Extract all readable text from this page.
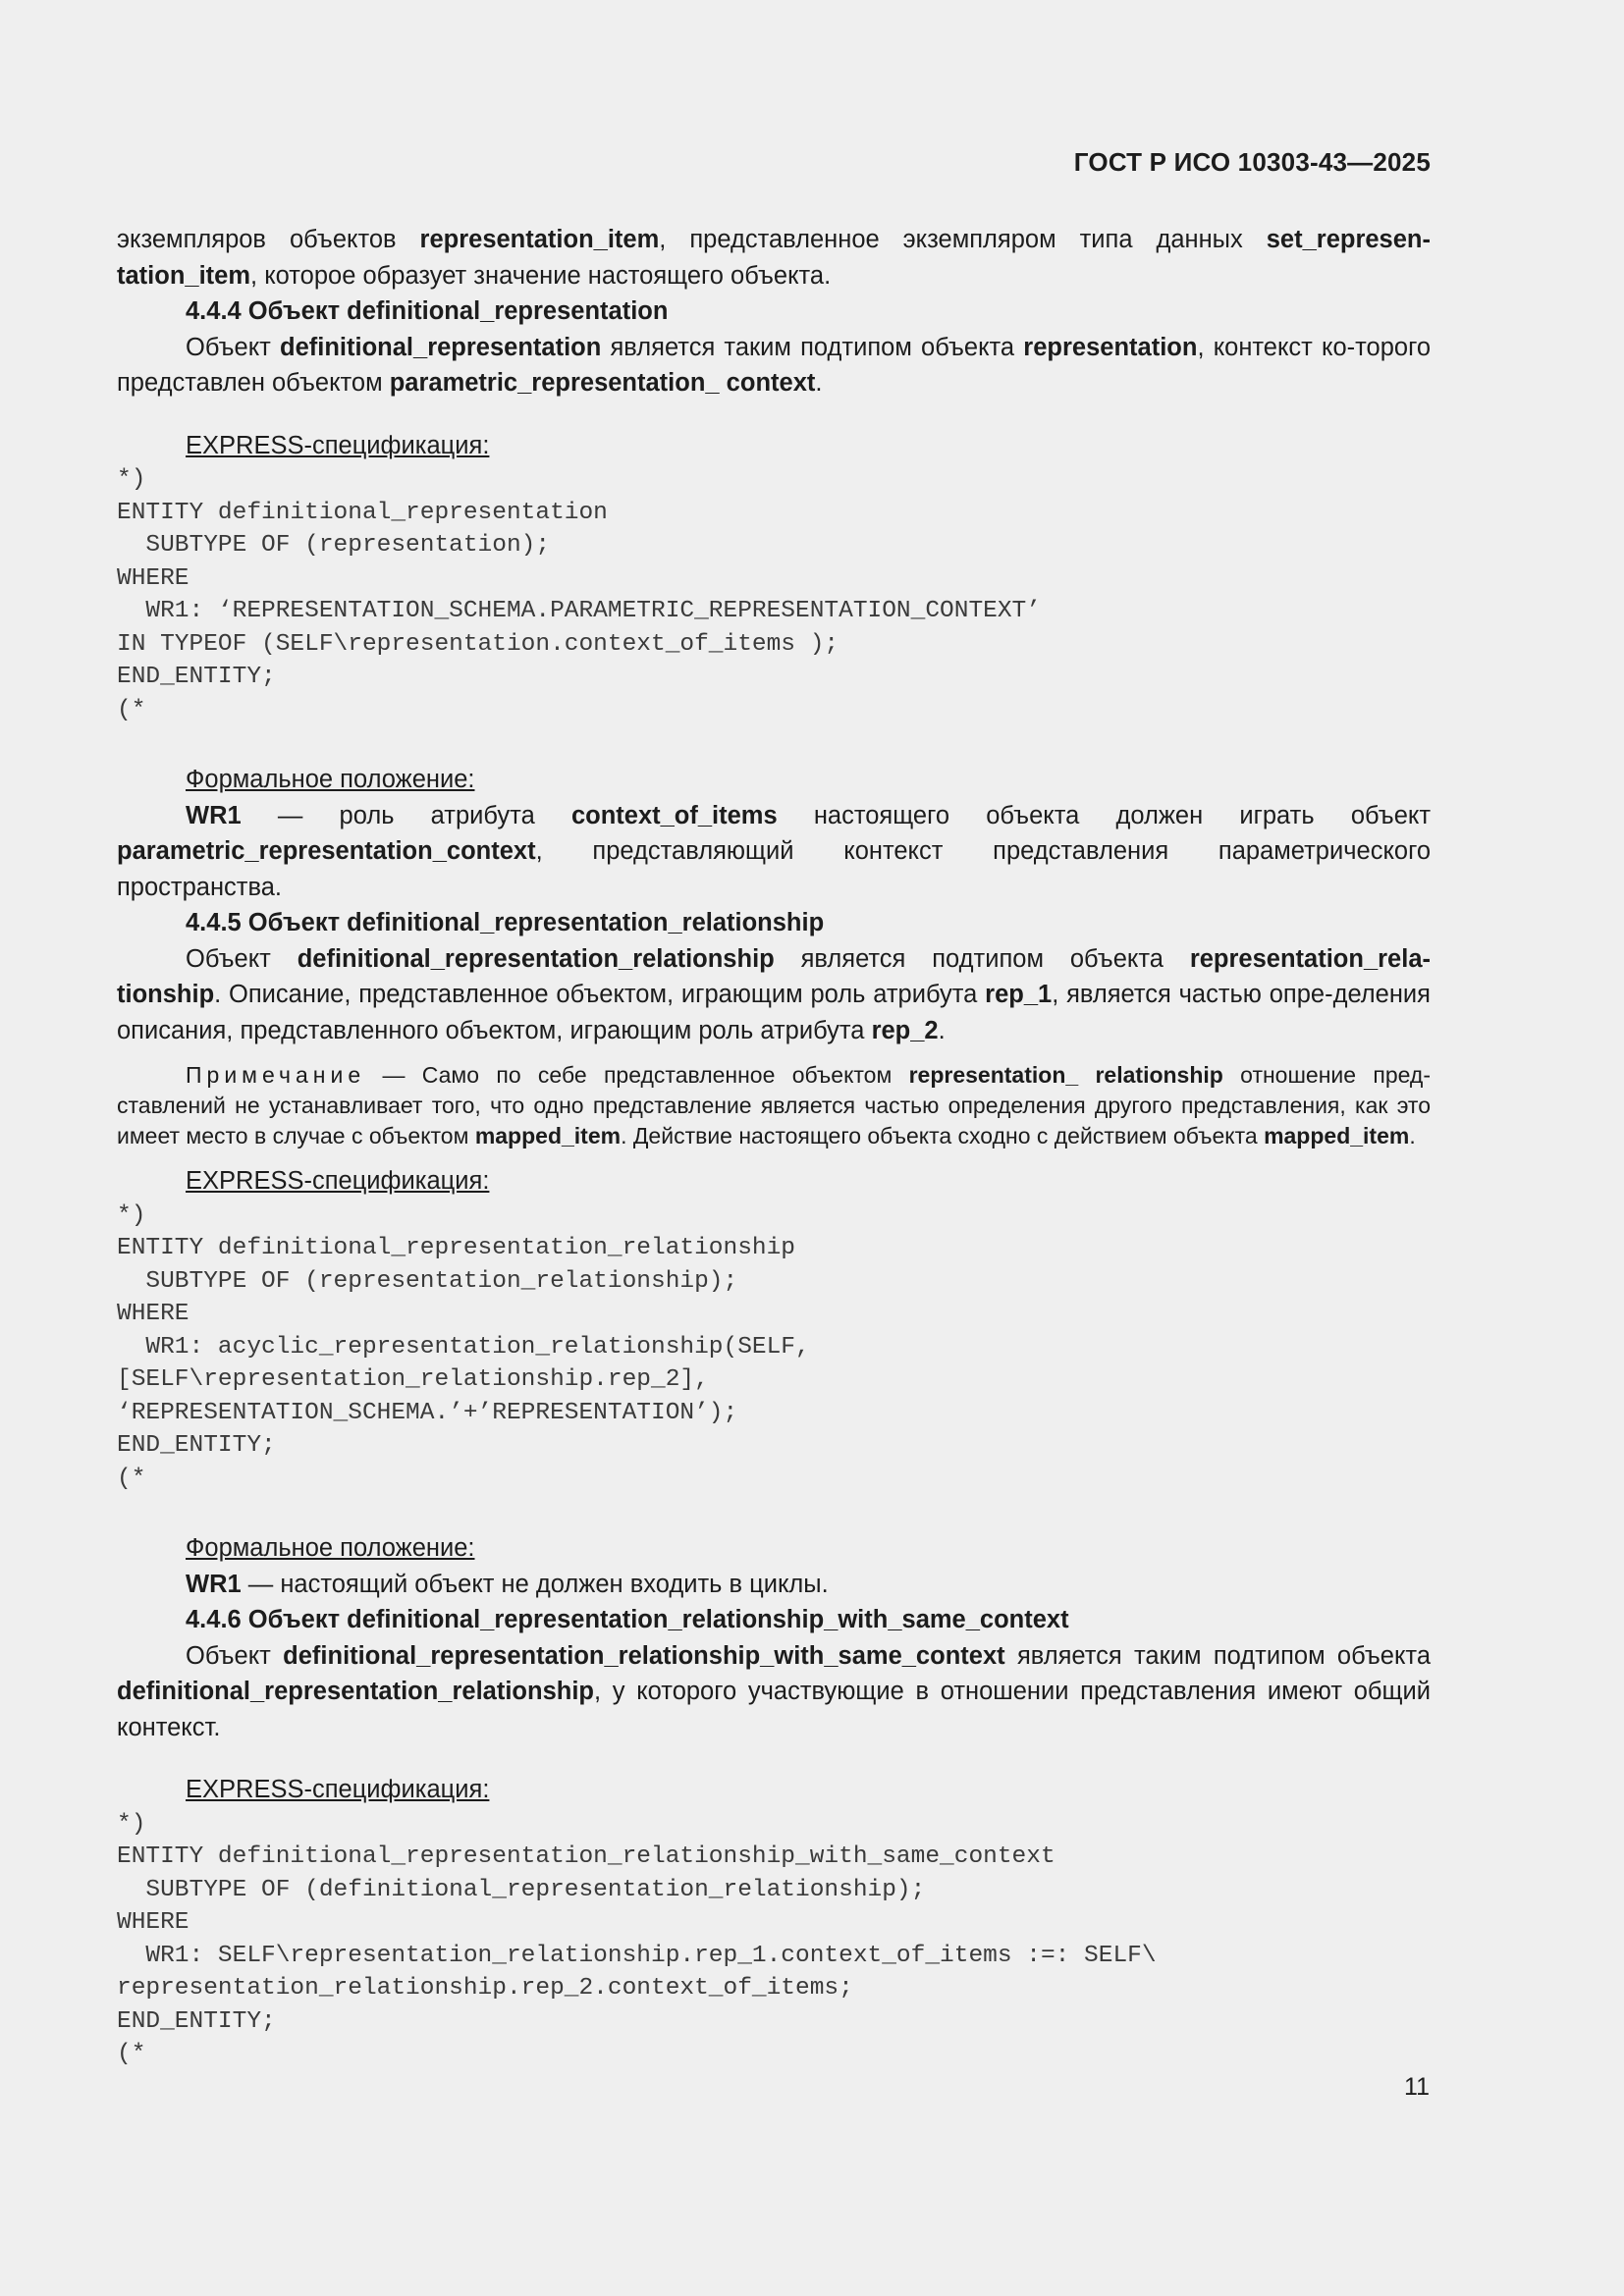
ГОСТ Р ИСО 10303-43—2025

экземпляров объектов representation_item, представленное экземпляром типа данных set_represen-tation_item, которое образует значение настоящего объекта.

4.4.4 Объект definitional_representation

Объект definitional_representation является таким подтипом объекта representation, контекст ко-торого представлен объектом parametric_representation_ context.

EXPRESS-спецификация:

*)
ENTITY definitional_representation
SUBTYPE OF (representation);
WHERE
WR1: ‘REPRESENTATION_SCHEMA.PARAMETRIC_REPRESENTATION_CONTEXT’
IN TYPEOF (SELF\representation.context_of_items );
END_ENTITY;
(*

Формальное положение:

WR1 — роль атрибута context_of_items настоящего объекта должен играть объект parametric_representation_context, представляющий контекст представления параметрического пространства.

4.4.5 Объект definitional_representation_relationship

Объект definitional_representation_relationship является подтипом объекта representation_rela-tionship. Описание, представленное объектом, играющим роль атрибута rep_1, является частью опре-деления описания, представленного объектом, играющим роль атрибута rep_2.

Примечание — Само по себе представленное объектом representation_ relationship отношение пред-ставлений не устанавливает того, что одно представление является частью определения другого представления, как это имеет место в случае с объектом mapped_item. Действие настоящего объекта сходно с действием объекта mapped_item.

EXPRESS-спецификация:

*)
ENTITY definitional_representation_relationship
SUBTYPE OF (representation_relationship);
WHERE
WR1: acyclic_representation_relationship(SELF,
[SELF\representation_relationship.rep_2],
‘REPRESENTATION_SCHEMA.’+’REPRESENTATION’);
END_ENTITY;
(*

Формальное положение:

WR1 — настоящий объект не должен входить в циклы.

4.4.6 Объект definitional_representation_relationship_with_same_context

Объект definitional_representation_relationship_with_same_context является таким подтипом объекта definitional_representation_relationship, у которого участвующие в отношении представления имеют общий контекст.

EXPRESS-спецификация:

*)
ENTITY definitional_representation_relationship_with_same_context
SUBTYPE OF (definitional_representation_relationship);
WHERE
WR1: SELF\representation_relationship.rep_1.context_of_items :=: SELF\
representation_relationship.rep_2.context_of_items;
END_ENTITY;
(*
11
